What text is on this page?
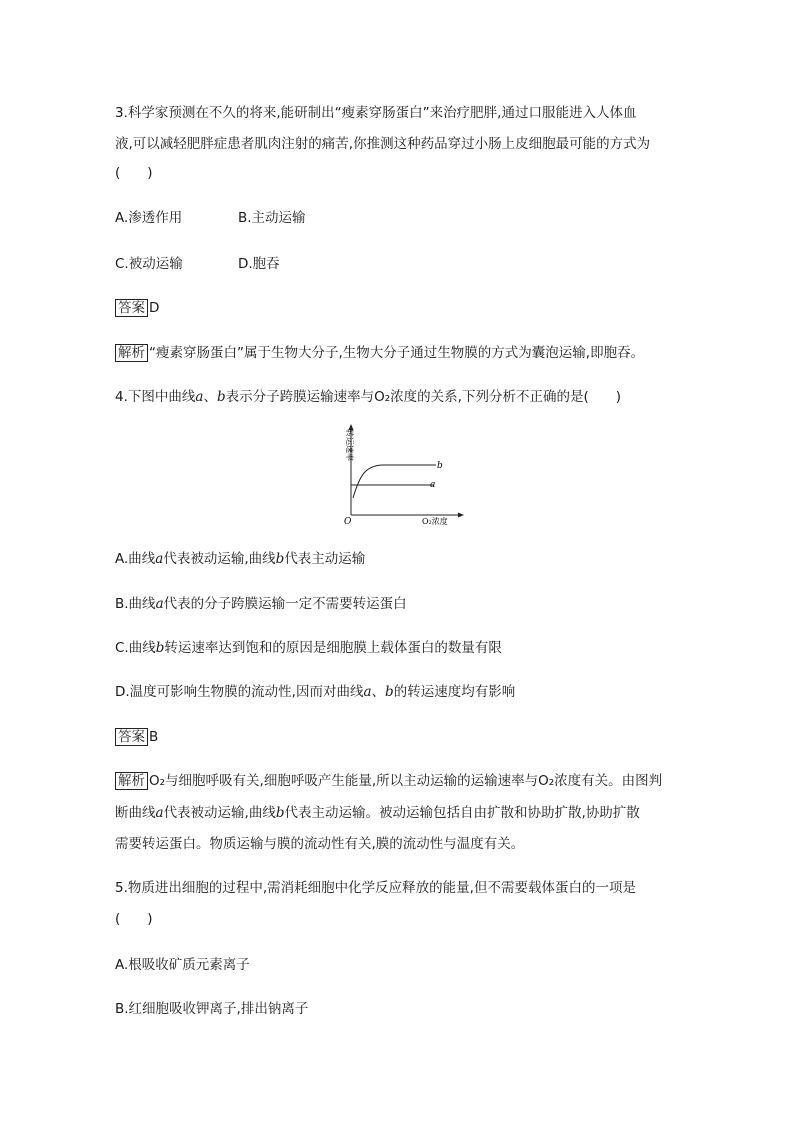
3.科学家预测在不久的将来,能研制出“瘦素穿肠蛋白”来治疗肥胖,通过口服能进入人体血
液,可以减轻肥胖症患者肌肉注射的痛苦,你推测这种药品穿过小肠上皮细胞最可能的方式为
(　　)
A.渗透作用	B.主动运输
C.被动运输	D.胞吞
答案 D
解析 “瘦素穿肠蛋白”属于生物大分子,生物大分子通过生物膜的方式为囊泡运输,即胞吞。
4.下图中曲线a、b表示分子跨膜运输速率与O₂浓度的关系,下列分析不正确的是(　　)
b
a
O	O₂浓度
转运速率
A.曲线a代表被动运输,曲线b代表主动运输
B.曲线a代表的分子跨膜运输一定不需要转运蛋白
C.曲线b转运速率达到饱和的原因是细胞膜上载体蛋白的数量有限
D.温度可影响生物膜的流动性,因而对曲线a、b的转运速度均有影响
答案 B
解析 O₂与细胞呼吸有关,细胞呼吸产生能量,所以主动运输的运输速率与O₂浓度有关。由图判
断曲线a代表被动运输,曲线b代表主动运输。被动运输包括自由扩散和协助扩散,协助扩散
需要转运蛋白。物质运输与膜的流动性有关,膜的流动性与温度有关。
5.物质进出细胞的过程中,需消耗细胞中化学反应释放的能量,但不需要载体蛋白的一项是
(　　)
A.根吸收矿质元素离子
B.红细胞吸收钾离子,排出钠离子
